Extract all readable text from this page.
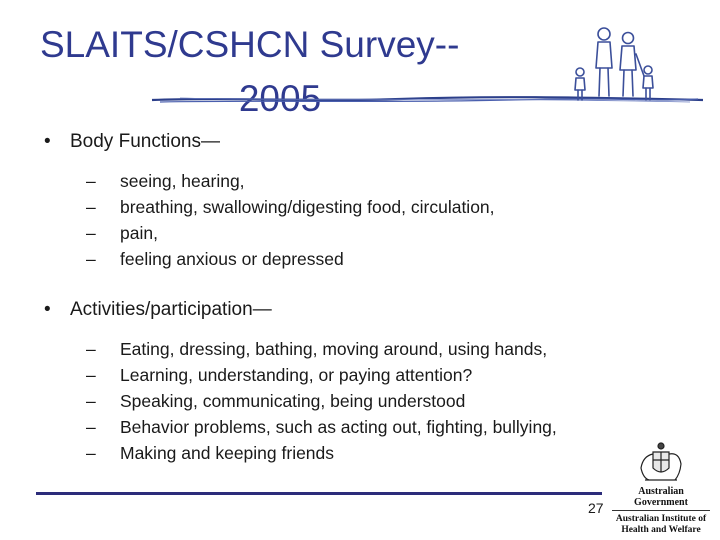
SLAITS/CSHCN Survey--
2005
•	Body Functions—
–	seeing, hearing,
–	breathing, swallowing/digesting food, circulation,
–	pain,
–	feeling anxious or depressed
•	Activities/participation—
–	Eating, dressing, bathing, moving around, using hands,
–	Learning, understanding, or paying attention?
–	Speaking, communicating, being understood
–	Behavior problems, such as acting out, fighting, bullying,
–	Making and keeping friends
27
Australian Government
Australian Institute of
Health and Welfare
